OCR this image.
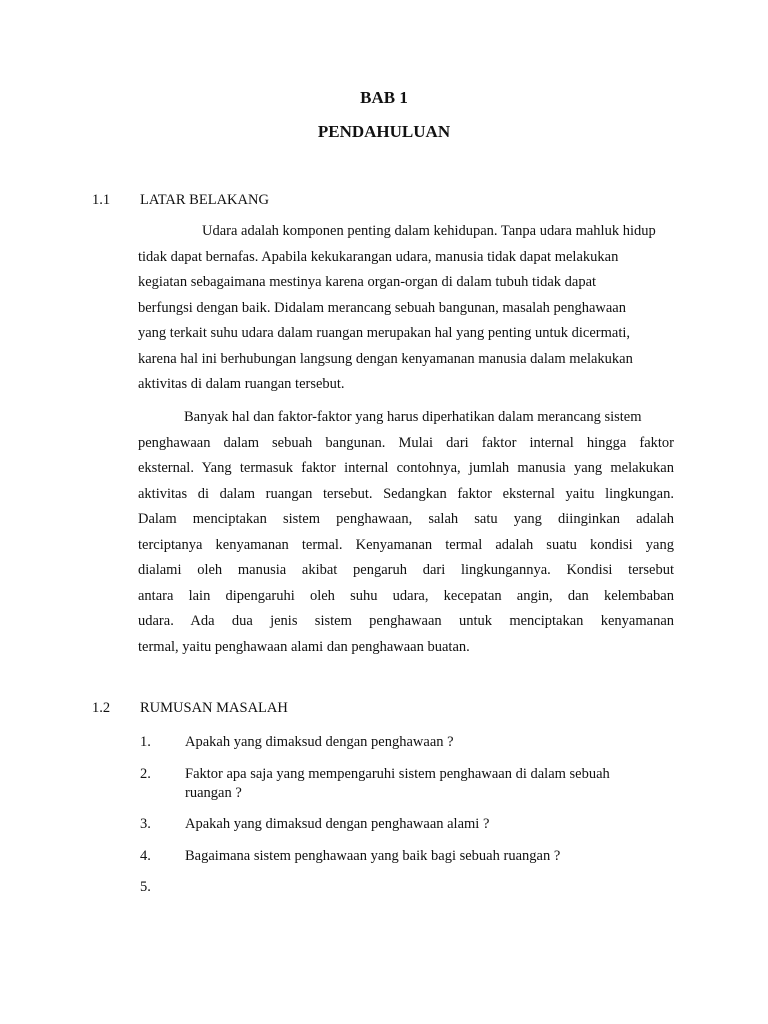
BAB 1
PENDAHULUAN
1.1 LATAR BELAKANG
Udara adalah komponen penting dalam kehidupan. Tanpa udara mahluk hidup
tidak dapat bernafas. Apabila kekukarangan udara, manusia tidak dapat melakukan
kegiatan sebagaimana mestinya karena organ-organ di dalam tubuh tidak dapat
berfungsi dengan baik. Didalam merancang sebuah bangunan, masalah penghawaan
yang terkait suhu udara dalam ruangan merupakan hal yang penting untuk dicermati,
karena hal ini berhubungan langsung dengan kenyamanan manusia dalam melakukan
aktivitas di dalam ruangan tersebut.
Banyak hal dan faktor-faktor yang harus diperhatikan dalam merancang sistem
penghawaan dalam sebuah bangunan. Mulai dari faktor internal hingga faktor
eksternal. Yang termasuk faktor internal contohnya, jumlah manusia yang melakukan
aktivitas di dalam ruangan tersebut. Sedangkan faktor eksternal yaitu lingkungan.
Dalam menciptakan sistem penghawaan, salah satu yang diinginkan adalah
terciptanya kenyamanan termal. Kenyamanan termal adalah suatu kondisi yang
dialami oleh manusia akibat pengaruh dari lingkungannya. Kondisi tersebut
antara lain dipengaruhi oleh suhu udara, kecepatan angin, dan kelembaban
udara. Ada dua jenis sistem penghawaan untuk menciptakan kenyamanan
termal, yaitu penghawaan alami dan penghawaan buatan.
1.2 RUMUSAN MASALAH
1. Apakah yang dimaksud dengan penghawaan ?
2. Faktor apa saja yang mempengaruhi sistem penghawaan di dalam sebuah ruangan ?
3. Apakah yang dimaksud dengan penghawaan alami ?
4. Bagaimana sistem penghawaan yang baik bagi sebuah ruangan ?
5.
